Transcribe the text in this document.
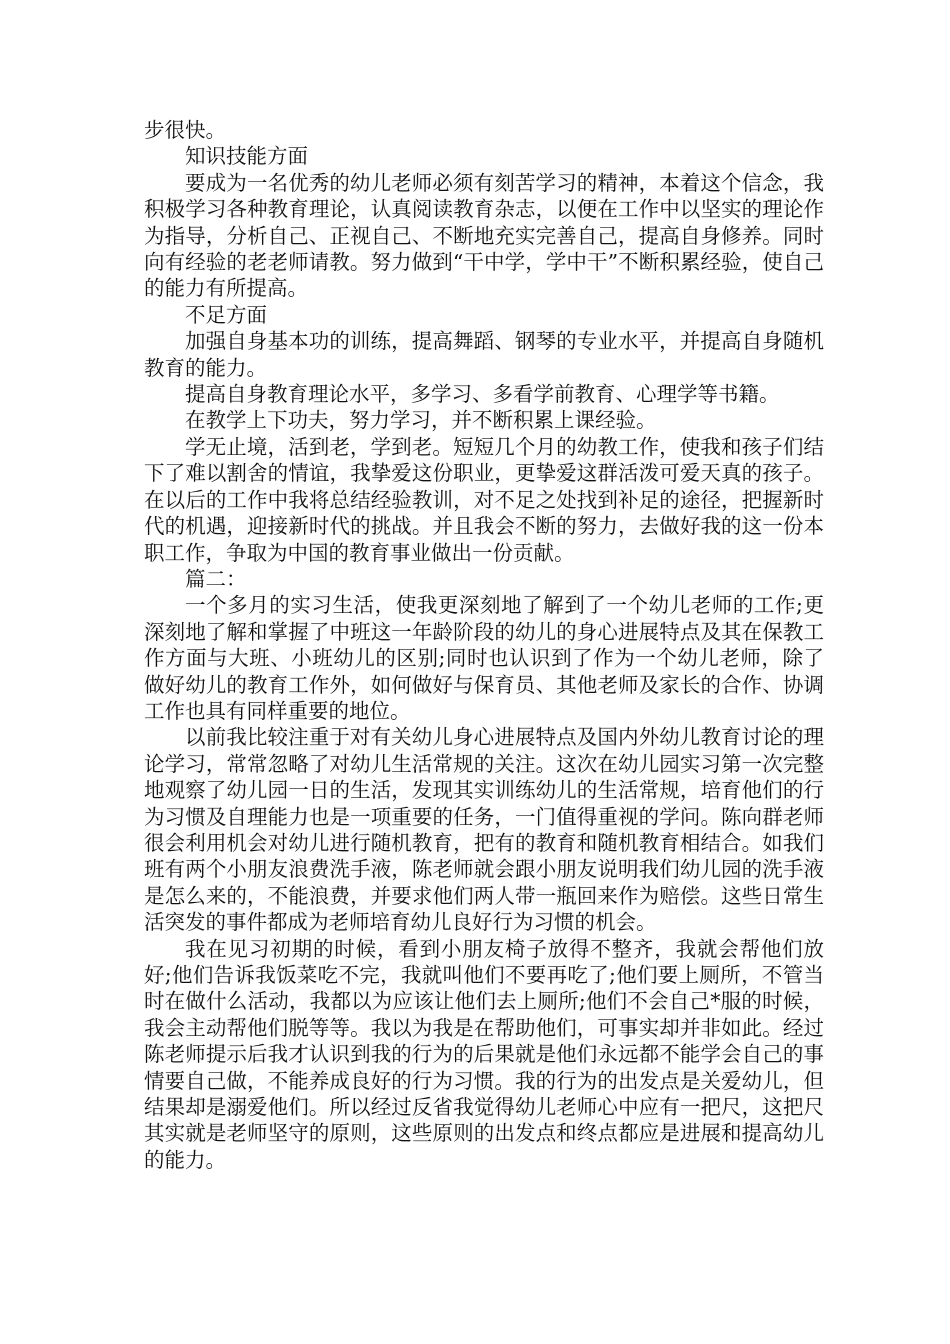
步很快。

知识技能方面

要成为一名优秀的幼儿老师必须有刻苦学习的精神，本着这个信念，我积极学习各种教育理论，认真阅读教育杂志，以便在工作中以坚实的理论作为指导，分析自己、正视自己、不断地充实完善自己，提高自身修养。同时向有经验的老老师请教。努力做到“干中学，学中干”不断积累经验，使自己的能力有所提高。

不足方面

加强自身基本功的训练，提高舞蹈、钢琴的专业水平，并提高自身随机教育的能力。

提高自身教育理论水平，多学习、多看学前教育、心理学等书籍。

在教学上下功夫，努力学习，并不断积累上课经验。

学无止境，活到老，学到老。短短几个月的幼教工作，使我和孩子们结下了难以割舍的情谊，我挚爱这份职业，更挚爱这群活泼可爱天真的孩子。在以后的工作中我将总结经验教训，对不足之处找到补足的途径，把握新时代的机遇，迎接新时代的挑战。并且我会不断的努力，去做好我的这一份本职工作，争取为中国的教育事业做出一份贡献。

篇二：

一个多月的实习生活，使我更深刻地了解到了一个幼儿老师的工作;更深刻地了解和掌握了中班这一年龄阶段的幼儿的身心进展特点及其在保教工作方面与大班、小班幼儿的区别;同时也认识到了作为一个幼儿老师，除了做好幼儿的教育工作外，如何做好与保育员、其他老师及家长的合作、协调工作也具有同样重要的地位。

以前我比较注重于对有关幼儿身心进展特点及国内外幼儿教育讨论的理论学习，常常忽略了对幼儿生活常规的关注。这次在幼儿园实习第一次完整地观察了幼儿园一日的生活，发现其实训练幼儿的生活常规，培育他们的行为习惯及自理能力也是一项重要的任务，一门值得重视的学问。陈向群老师很会利用机会对幼儿进行随机教育，把有的教育和随机教育相结合。如我们班有两个小朋友浪费洗手液，陈老师就会跟小朋友说明我们幼儿园的洗手液是怎么来的，不能浪费，并要求他们两人带一瓶回来作为赔偿。这些日常生活突发的事件都成为老师培育幼儿良好行为习惯的机会。

我在见习初期的时候，看到小朋友椅子放得不整齐，我就会帮他们放好;他们告诉我饭菜吃不完，我就叫他们不要再吃了;他们要上厕所，不管当时在做什么活动，我都以为应该让他们去上厕所;他们不会自己*服的时候，我会主动帮他们脱等等。我以为我是在帮助他们，可事实却并非如此。经过陈老师提示后我才认识到我的行为的后果就是他们永远都不能学会自己的事情要自己做，不能养成良好的行为习惯。我的行为的出发点是关爱幼儿，但结果却是溺爱他们。所以经过反省我觉得幼儿老师心中应有一把尺，这把尺其实就是老师坚守的原则，这些原则的出发点和终点都应是进展和提高幼儿的能力。
